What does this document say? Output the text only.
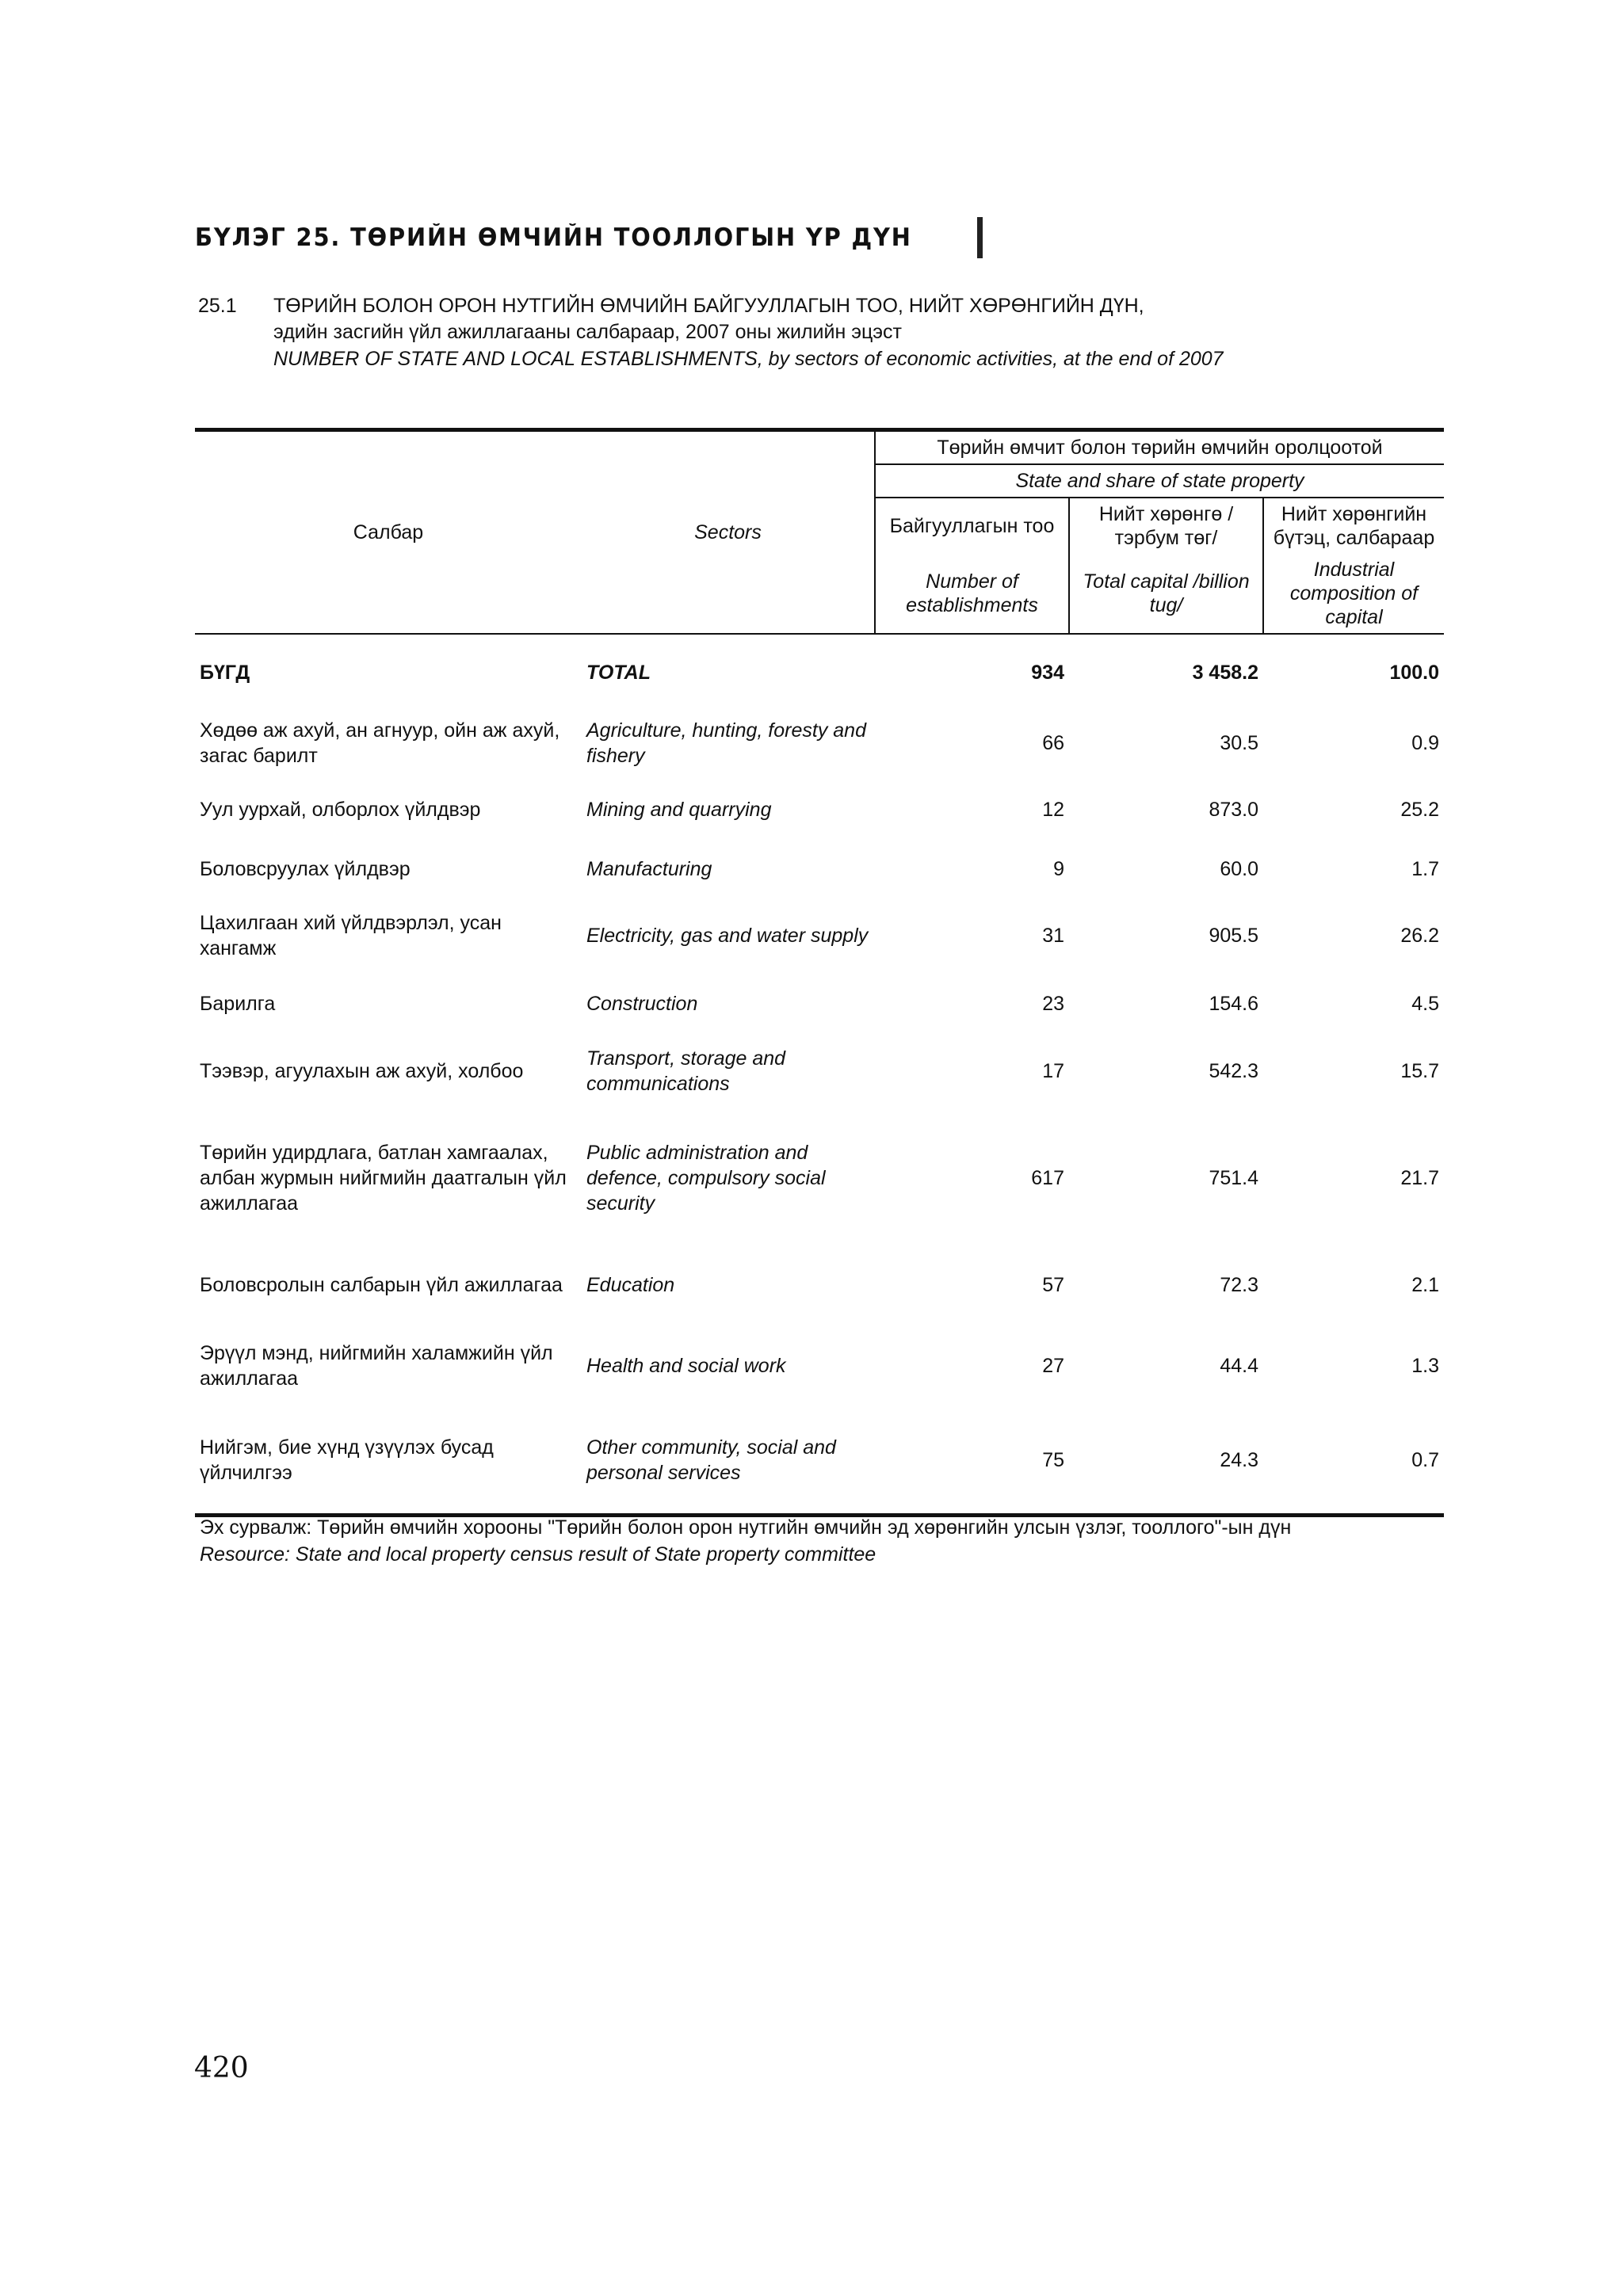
БҮЛЭГ 25. ТӨРИЙН ӨМЧИЙН ТООЛЛОГЫН ҮР ДҮН
25.1 ТӨРИЙН БОЛОН ОРОН НУТГИЙН ӨМЧИЙН БАЙГУУЛЛАГЫН ТОО, НИЙТ ХӨРӨНГИЙН ДҮН,
эдийн засгийн үйл ажиллагааны салбараар, 2007 оны жилийн эцэст
NUMBER OF STATE AND LOCAL ESTABLISHMENTS, by sectors of economic activities, at the end of 2007

Салбар	Sectors	Төрийн өмчит болон төрийн өмчийн оролцоотой		
		State and share of state property		
		Байгууллагын тоо	Нийт хөрөнгө /тэрбум төг/	Нийт хөрөнгийн бүтэц, салбараар
		Number of establishments	Total capital /billion tug/	Industrial composition of capital

БҮГД	TOTAL	934	3 458.2	100.0
Хөдөө аж ахуй, ан агнуур, ойн аж ахуй, загас барилт	Agriculture, hunting, foresty and fishery	66	30.5	0.9
Уул уурхай, олборлох үйлдвэр	Mining and quarrying	12	873.0	25.2
Боловсруулах үйлдвэр	Manufacturing	9	60.0	1.7
Цахилгаан хий үйлдвэрлэл, усан хангамж	Electricity, gas and water supply	31	905.5	26.2
Барилга	Construction	23	154.6	4.5
Тээвэр, агуулахын аж ахуй, холбоо	Transport, storage and communications	17	542.3	15.7
Төрийн удирдлага, батлан хамгаалах, албан журмын нийгмийн даатгалын үйл ажиллагаа	Public administration and defence, compulsory social security	617	751.4	21.7
Боловсролын салбарын үйл ажиллагаа	Education	57	72.3	2.1
Эрүүл мэнд, нийгмийн халамжийн үйл ажиллагаа	Health and social work	27	44.4	1.3
Нийгэм, бие хүнд үзүүлэх бусад үйлчилгээ	Other community, social and personal services	75	24.3	0.7

Эх сурвалж: Төрийн өмчийн хорооны "Төрийн болон орон нутгийн өмчийн эд хөрөнгийн улсын үзлэг, тооллого"-ын дүн
Resource: State and local property census result of State property committee
420
